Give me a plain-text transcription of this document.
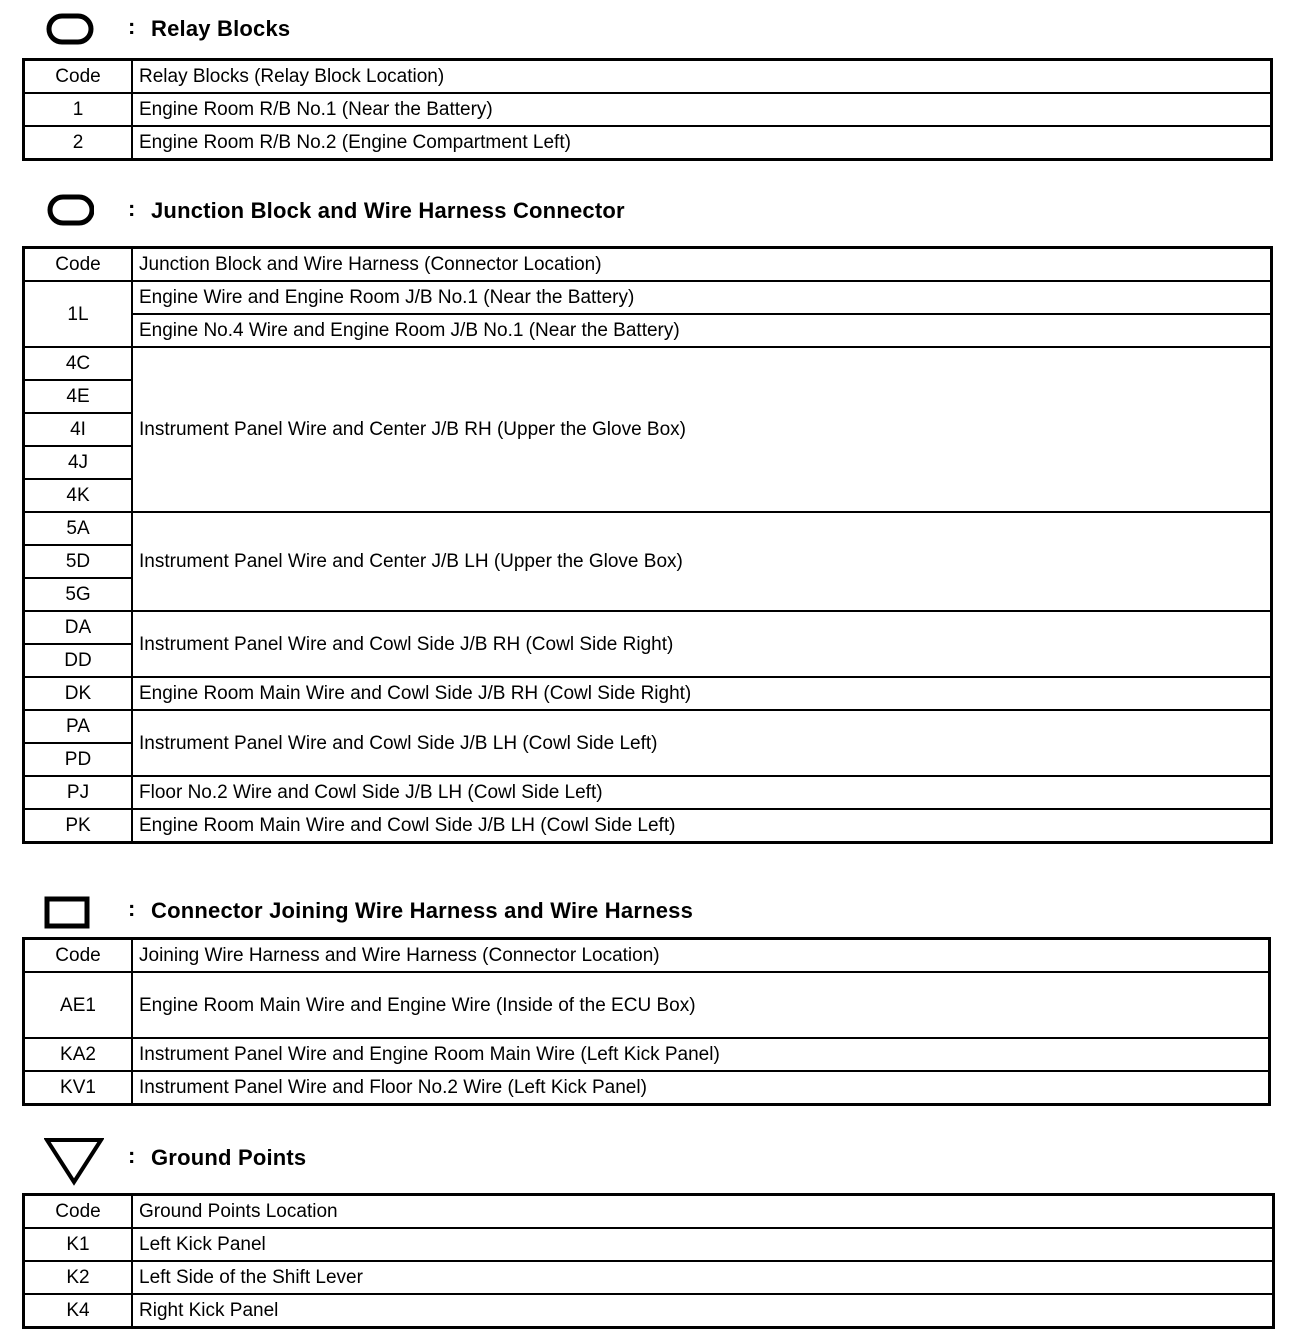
: Relay Blocks
Code	Relay Blocks (Relay Block Location)
1	Engine Room R/B No.1 (Near the Battery)
2	Engine Room R/B No.2 (Engine Compartment Left)
: Junction Block and Wire Harness Connector
Code	Junction Block and Wire Harness (Connector Location)
1L	Engine Wire and Engine Room J/B No.1 (Near the Battery)
	Engine No.4 Wire and Engine Room J/B No.1 (Near the Battery)
4C	Instrument Panel Wire and Center J/B RH (Upper the Glove Box)
4E	
4I	
4J	
4K	
5A	Instrument Panel Wire and Center J/B LH (Upper the Glove Box)
5D	
5G	
DA	Instrument Panel Wire and Cowl Side J/B RH (Cowl Side Right)
DD	
DK	Engine Room Main Wire and Cowl Side J/B RH (Cowl Side Right)
PA	Instrument Panel Wire and Cowl Side J/B LH (Cowl Side Left)
PD	
PJ	Floor No.2 Wire and Cowl Side J/B LH (Cowl Side Left)
PK	Engine Room Main Wire and Cowl Side J/B LH (Cowl Side Left)
: Connector Joining Wire Harness and Wire Harness
Code	Joining Wire Harness and Wire Harness (Connector Location)
AE1	Engine Room Main Wire and Engine Wire (Inside of the ECU Box)
KA2	Instrument Panel Wire and Engine Room Main Wire (Left Kick Panel)
KV1	Instrument Panel Wire and Floor No.2 Wire (Left Kick Panel)
: Ground Points
Code	Ground Points Location
K1	Left Kick Panel
K2	Left Side of the Shift Lever
K4	Right Kick Panel
